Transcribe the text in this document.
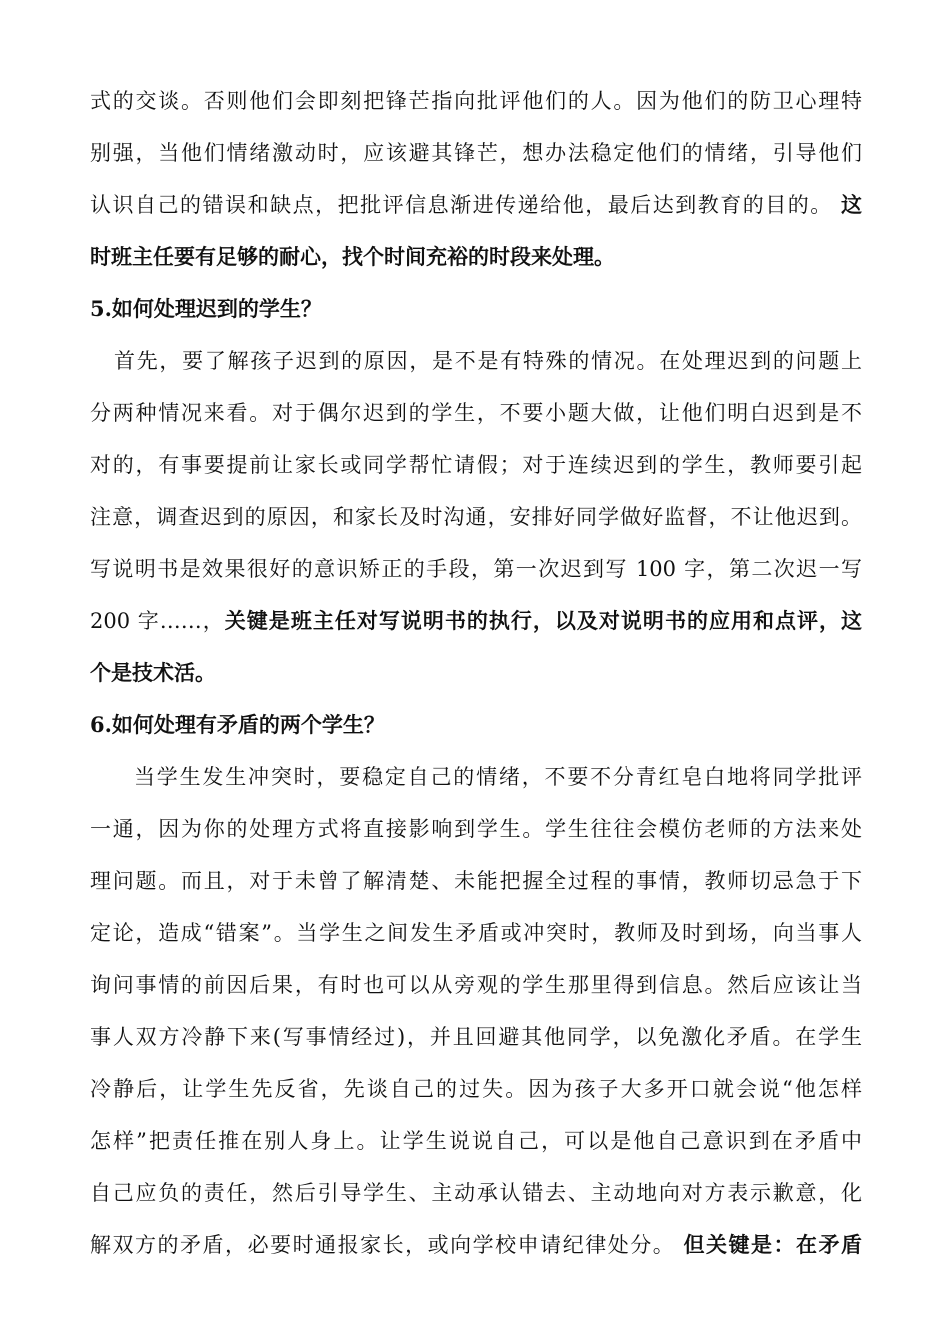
式的交谈。否则他们会即刻把锋芒指向批评他们的人。因为他们的防卫心理特
别强，当他们情绪激动时，应该避其锋芒，想办法稳定他们的情绪，引导他们
认识自己的错误和缺点，把批评信息渐进传递给他，最后达到教育的目的。 这
时班主任要有足够的耐心，找个时间充裕的时段来处理。
5.如何处理迟到的学生？
首先，要了解孩子迟到的原因，是不是有特殊的情况。在处理迟到的问题上
分两种情况来看。对于偶尔迟到的学生，不要小题大做，让他们明白迟到是不
对的，有事要提前让家长或同学帮忙请假；对于连续迟到的学生，教师要引起
注意，调查迟到的原因，和家长及时沟通，安排好同学做好监督，不让他迟到。
写说明书是效果很好的意识矫正的手段，第一次迟到写 100 字，第二次迟一写
200 字……，关键是班主任对写说明书的执行，以及对说明书的应用和点评，这
个是技术活。
6.如何处理有矛盾的两个学生？
当学生发生冲突时，要稳定自己的情绪，不要不分青红皂白地将同学批评
一通，因为你的处理方式将直接影响到学生。学生往往会模仿老师的方法来处
理问题。而且，对于未曾了解清楚、未能把握全过程的事情，教师切忌急于下
定论，造成“错案”。当学生之间发生矛盾或冲突时，教师及时到场，向当事人
询问事情的前因后果，有时也可以从旁观的学生那里得到信息。然后应该让当
事人双方冷静下来(写事情经过)，并且回避其他同学，以免激化矛盾。在学生
冷静后，让学生先反省，先谈自己的过失。因为孩子大多开口就会说“他怎样
怎样”把责任推在别人身上。让学生说说自己，可以是他自己意识到在矛盾中
自己应负的责任，然后引导学生、主动承认错去、主动地向对方表示歉意，化
解双方的矛盾，必要时通报家长，或向学校申请纪律处分。 但关键是：在矛盾
